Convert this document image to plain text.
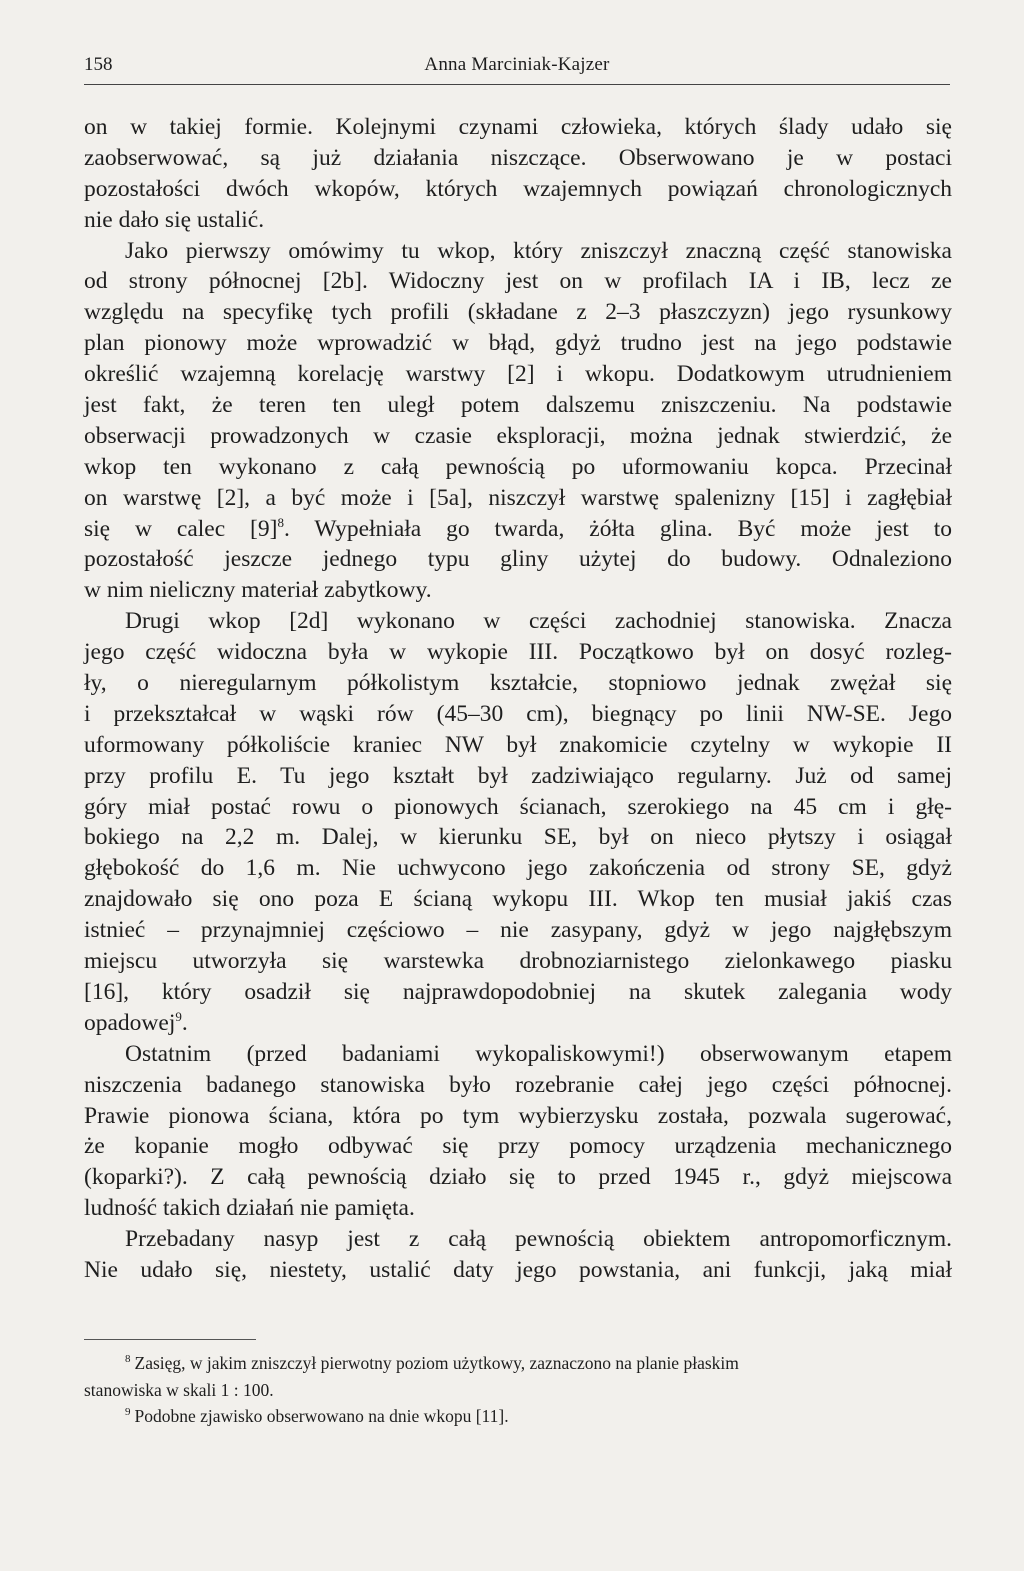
158	Anna Marciniak-Kajzer
on w takiej formie. Kolejnymi czynami człowieka, których ślady udało się
zaobserwować, są już działania niszczące. Obserwowano je w postaci
pozostałości dwóch wkopów, których wzajemnych powiązań chronologicznych
nie dało się ustalić.
Jako pierwszy omówimy tu wkop, który zniszczył znaczną część stanowiska
od strony północnej [2b]. Widoczny jest on w profilach IA i IB, lecz ze
względu na specyfikę tych profili (składane z 2–3 płaszczyzn) jego rysunkowy
plan pionowy może wprowadzić w błąd, gdyż trudno jest na jego podstawie
określić wzajemną korelację warstwy [2] i wkopu. Dodatkowym utrudnieniem
jest fakt, że teren ten uległ potem dalszemu zniszczeniu. Na podstawie
obserwacji prowadzonych w czasie eksploracji, można jednak stwierdzić, że
wkop ten wykonano z całą pewnością po uformowaniu kopca. Przecinał
on warstwę [2], a być może i [5a], niszczył warstwę spalenizny [15] i zagłębiał
się w calec $[9]^8$. Wypełniała go twarda, żółta glina. Być może jest to
pozostałość jeszcze jednego typu gliny użytej do budowy. Odnaleziono
w nim nieliczny materiał zabytkowy.
Drugi wkop [2d] wykonano w części zachodniej stanowiska. Znacza
jego część widoczna była w wykopie III. Początkowo był on dosyć rozleg-
ły, o nieregularnym półkolistym kształcie, stopniowo jednak zwężał się
i przekształcał w wąski rów (45–30 cm), biegnący po linii NW-SE. Jego
uformowany półkoliście kraniec NW był znakomicie czytelny w wykopie II
przy profilu E. Tu jego kształt był zadziwiająco regularny. Już od samej
góry miał postać rowu o pionowych ścianach, szerokiego na 45 cm i głę-
bokiego na 2,2 m. Dalej, w kierunku SE, był on nieco płytszy i osiągał
głębokość do 1,6 m. Nie uchwycono jego zakończenia od strony SE, gdyż
znajdowało się ono poza E ścianą wykopu III. Wkop ten musiał jakiś czas
istnieć – przynajmniej częściowo – nie zasypany, gdyż w jego najgłębszym
miejscu utworzyła się warstewka drobnoziarnistego zielonkawego piasku
[16], który osadził się najprawdopodobniej na skutek zalegania wody
opadowej$^9$.
Ostatnim (przed badaniami wykopaliskowymi!) obserwowanym etapem
niszczenia badanego stanowiska było rozebranie całej jego części północnej.
Prawie pionowa ściana, która po tym wybierzysku została, pozwala sugerować,
że kopanie mogło odbywać się przy pomocy urządzenia mechanicznego
(koparki?). Z całą pewnością działo się to przed 1945 r., gdyż miejscowa
ludność takich działań nie pamięta.
Przebadany nasyp jest z całą pewnością obiektem antropomorficznym.
Nie udało się, niestety, ustalić daty jego powstania, ani funkcji, jaką miał
$^8$ Zasięg, w jakim zniszczył pierwotny poziom użytkowy, zaznaczono na planie płaskim
stanowiska w skali 1 : 100.
$^9$ Podobne zjawisko obserwowano na dnie wkopu [11].
